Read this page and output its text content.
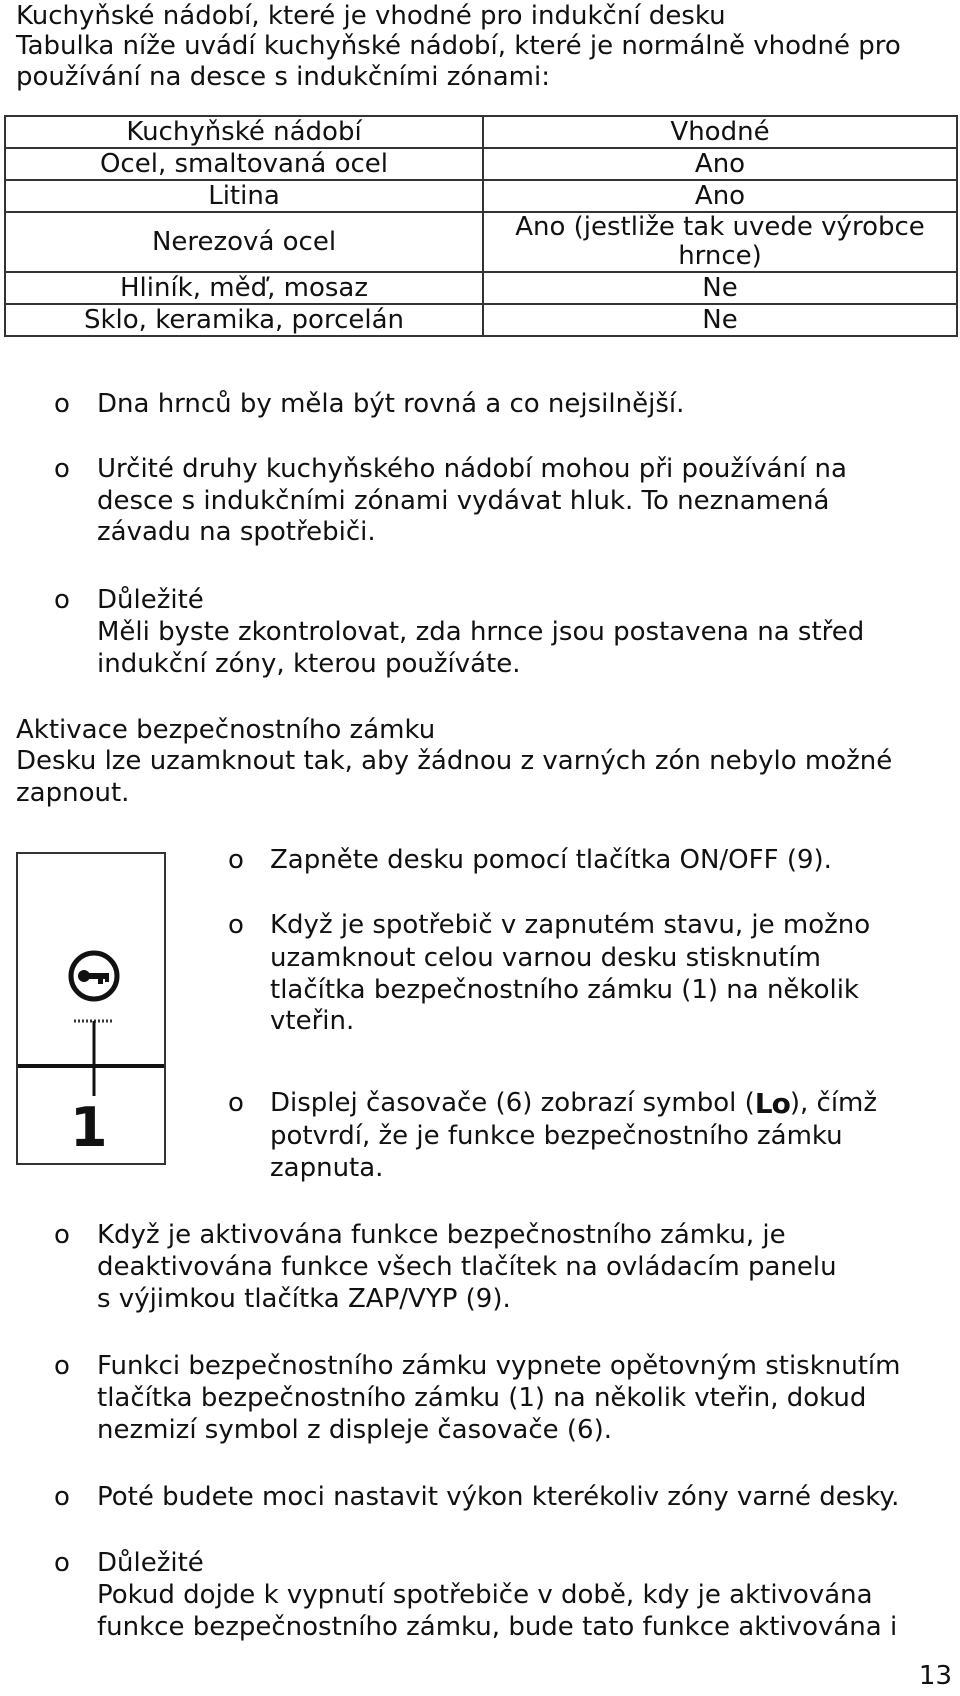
Kuchyňské nádobí, které je vhodné pro indukční desku
Tabulka níže uvádí kuchyňské nádobí, které je normálně vhodné pro
používání na desce s indukčními zónami:
Kuchyňské nádobí	Vhodné
Ocel, smaltovaná ocel	Ano
Litina	Ano
Nerezová ocel	Ano (jestliže tak uvede výrobce hrnce)
Hliník, měď, mosaz	Ne
Sklo, keramika, porcelán	Ne
o Dna hrnců by měla být rovná a co nejsilnější.
o Určité druhy kuchyňského nádobí mohou při používání na
desce s indukčními zónami vydávat hluk. To neznamená
závadu na spotřebiči.
o Důležité
Měli byste zkontrolovat, zda hrnce jsou postavena na střed
indukční zóny, kterou používáte.
Aktivace bezpečnostního zámku
Desku lze uzamknout tak, aby žádnou z varných zón nebylo možné
zapnout.
1
o Zapněte desku pomocí tlačítka ON/OFF (9).
o Když je spotřebič v zapnutém stavu, je možno
uzamknout celou varnou desku stisknutím
tlačítka bezpečnostního zámku (1) na několik
vteřin.
o Displej časovače (6) zobrazí symbol (Lo), čímž
potvrdí, že je funkce bezpečnostního zámku
zapnuta.
o Když je aktivována funkce bezpečnostního zámku, je
deaktivována funkce všech tlačítek na ovládacím panelu
s výjimkou tlačítka ZAP/VYP (9).
o Funkci bezpečnostního zámku vypnete opětovným stisknutím
tlačítka bezpečnostního zámku (1) na několik vteřin, dokud
nezmizí symbol z displeje časovače (6).
o Poté budete moci nastavit výkon kterékoliv zóny varné desky.
o Důležité
Pokud dojde k vypnutí spotřebiče v době, kdy je aktivována
funkce bezpečnostního zámku, bude tato funkce aktivována i
13
